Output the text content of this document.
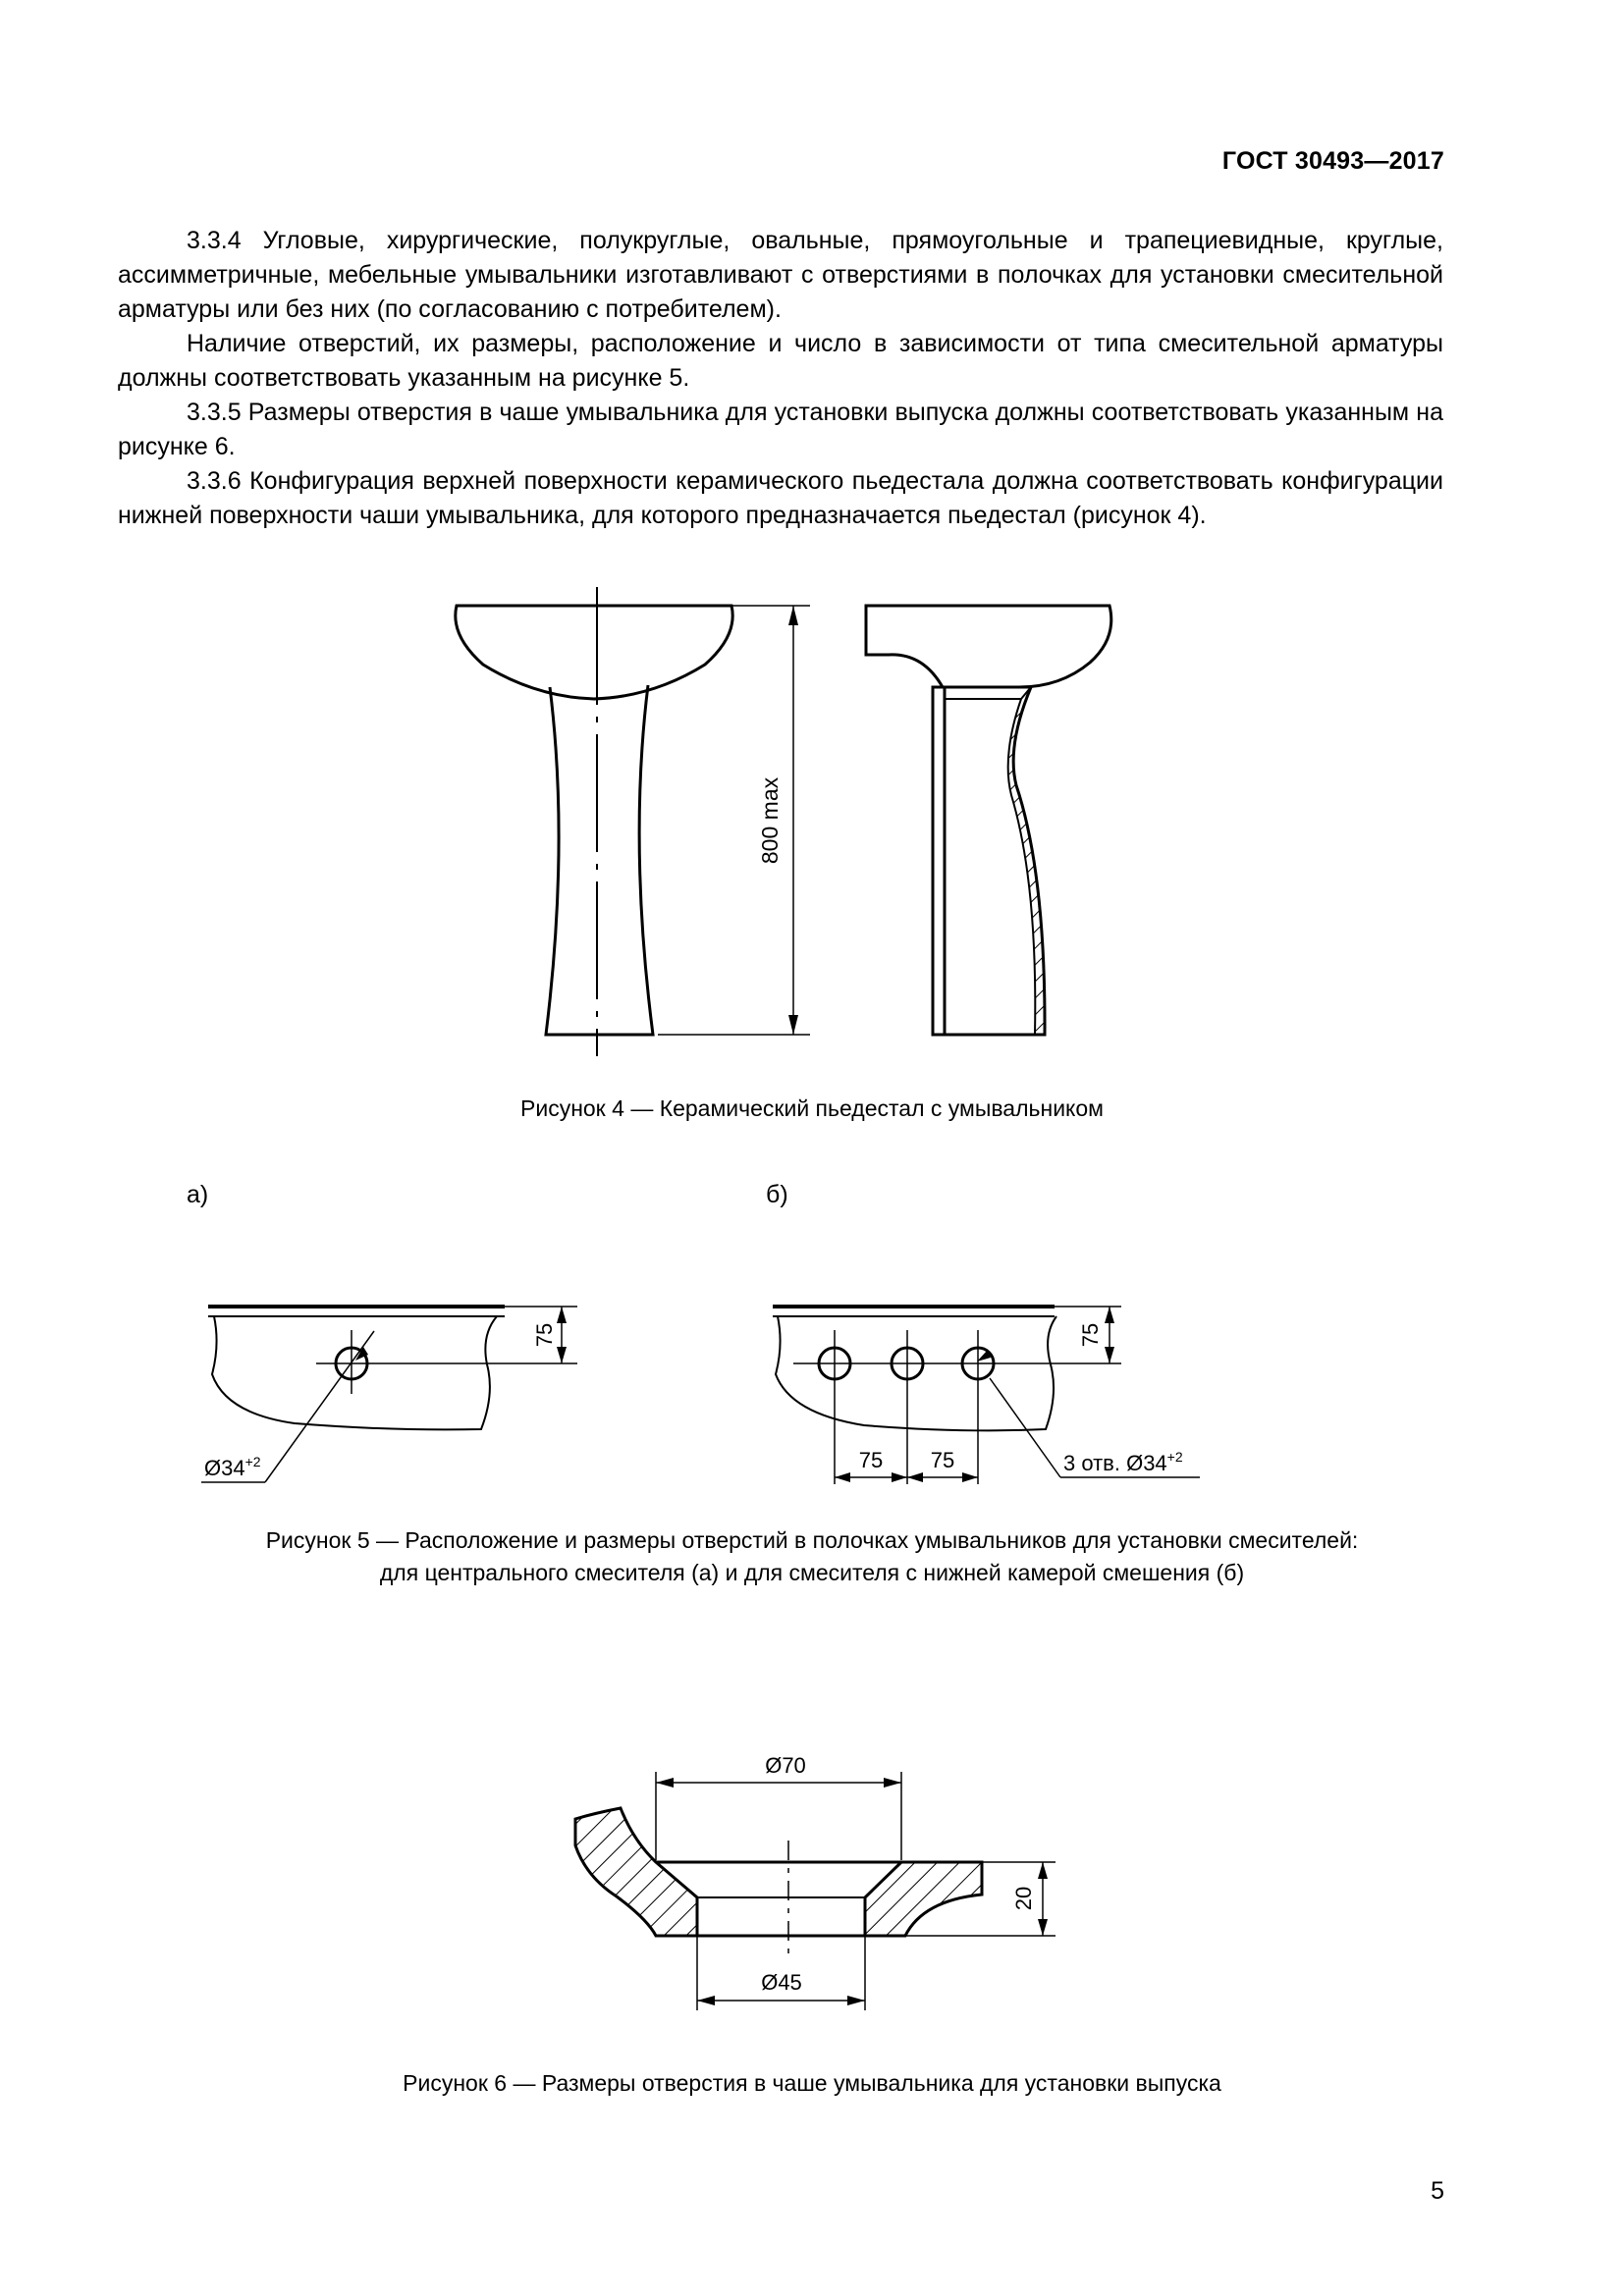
ГОСТ 30493—2017

3.3.4 Угловые, хирургические, полукруглые, овальные, прямоугольные и трапециевидные, круглые, ассимметричные, мебельные умывальники изготавливают с отверстиями в полочках для установки смесительной арматуры или без них (по согласованию с потребителем).

Наличие отверстий, их размеры, расположение и число в зависимости от типа смесительной арматуры должны соответствовать указанным на рисунке 5.

3.3.5 Размеры отверстия в чаше умывальника для установки выпуска должны соответствовать указанным на рисунке 6.

3.3.6 Конфигурация верхней поверхности керамического пьедестала должна соответствовать конфигурации нижней поверхности чаши умывальника, для которого предназначается пьедестал (рисунок 4).

800 max
Рисунок 4 — Керамический пьедестал с умывальником
а)	б)
75
$Ø34^{+2}$
75
75 75	3 отв. $Ø34^{+2}$
Рисунок 5 — Расположение и размеры отверстий в полочках умывальников для установки смесителей:
для центрального смесителя (а) и для смесителя с нижней камерой смешения (б)
Ø70
20
Ø45
Рисунок 6 — Размеры отверстия в чаше умывальника для установки выпуска
5
